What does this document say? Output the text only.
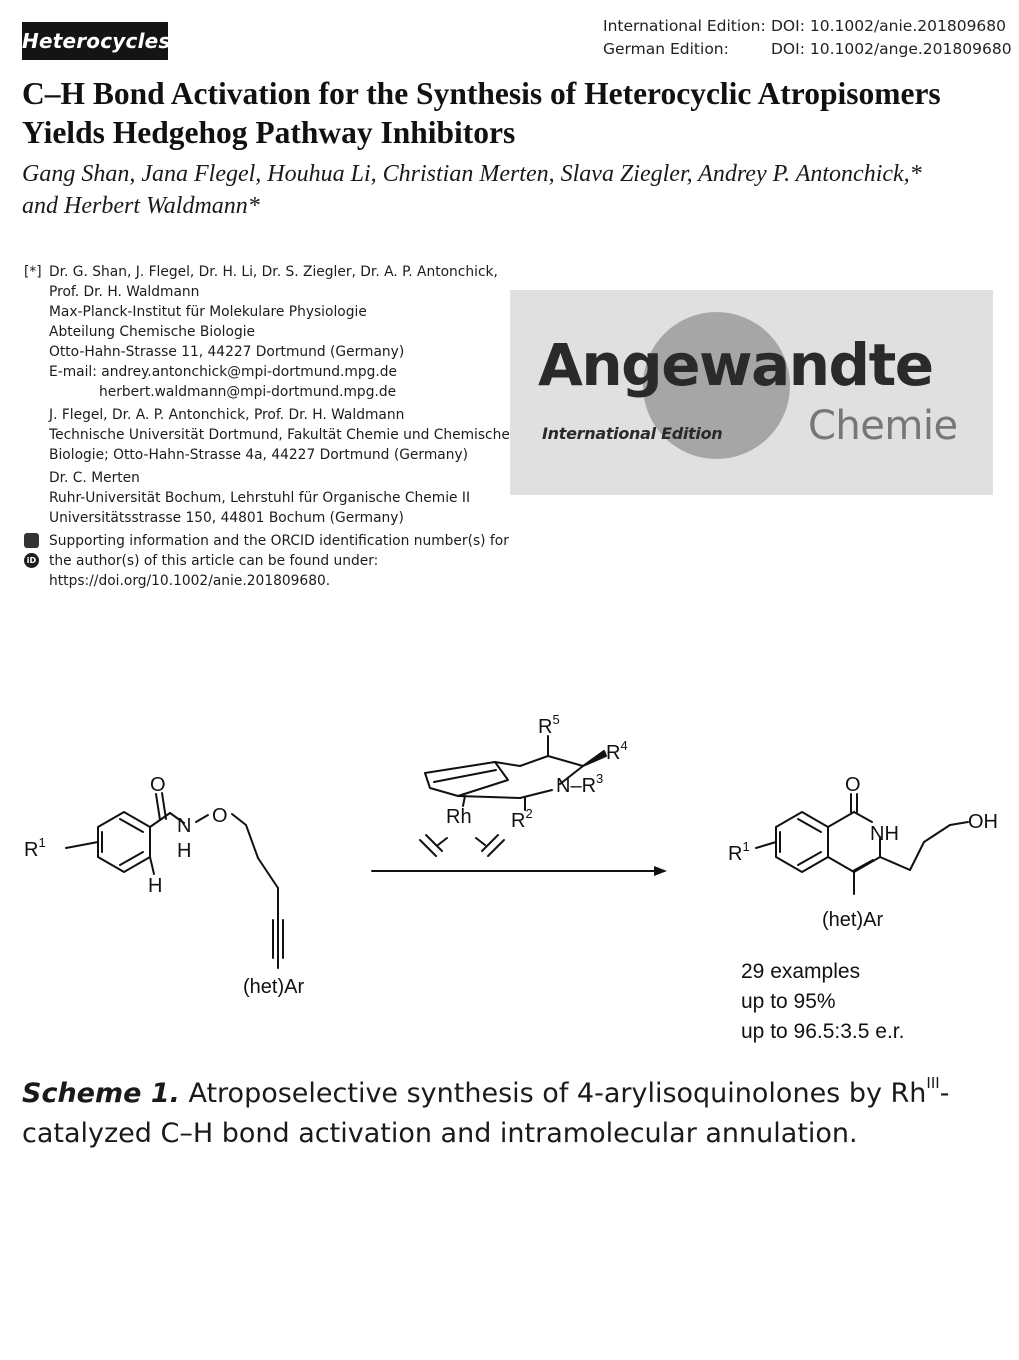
Heterocycles
International Edition: DOI: 10.1002/anie.201809680
German Edition:	DOI: 10.1002/ange.201809680
C–H Bond Activation for the Synthesis of Heterocyclic Atropisomers
Yields Hedgehog Pathway Inhibitors
Gang Shan, Jana Flegel, Houhua Li, Christian Merten, Slava Ziegler, Andrey P. Antonchick,*
and Herbert Waldmann*
[*] Dr. G. Shan, J. Flegel, Dr. H. Li, Dr. S. Ziegler, Dr. A. P. Antonchick,
Prof. Dr. H. Waldmann
Max-Planck-Institut für Molekulare Physiologie
Abteilung Chemische Biologie
Otto-Hahn-Strasse 11, 44227 Dortmund (Germany)
E-mail: andrey.antonchick@mpi-dortmund.mpg.de
herbert.waldmann@mpi-dortmund.mpg.de
J. Flegel, Dr. A. P. Antonchick, Prof. Dr. H. Waldmann
Technische Universität Dortmund, Fakultät Chemie und Chemische
Biologie; Otto-Hahn-Strasse 4a, 44227 Dortmund (Germany)
Dr. C. Merten
Ruhr-Universität Bochum, Lehrstuhl für Organische Chemie II
Universitätsstrasse 150, 44801 Bochum (Germany)
Supporting information and the ORCID identification number(s) for
iD the author(s) of this article can be found under:
https://doi.org/10.1002/anie.201809680.
Angewandte
Chemie
International Edition
O
N
H
O
H
$R^1$
(het)Ar
$R^5$
$R^4$
$N-R^3$
Rh $R^2$
O
NH
OH
$R^1$
(het)Ar
29 examples
up to 95%
up to 96.5:3.5 e.r.
Scheme 1. Atroposelective synthesis of 4-arylisoquinolones by $Rh^{III}-$
catalyzed C–H bond activation and intramolecular annulation.
